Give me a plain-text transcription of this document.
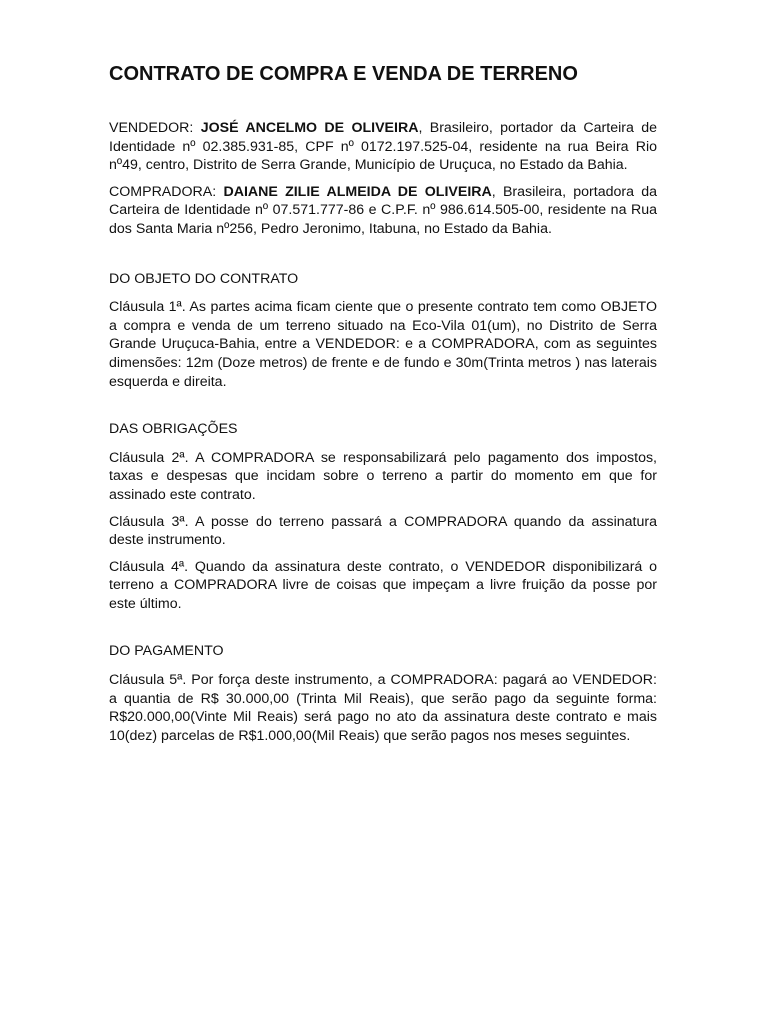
CONTRATO DE COMPRA E VENDA DE TERRENO

VENDEDOR: JOSÉ ANCELMO DE OLIVEIRA, Brasileiro, portador da Carteira de Identidade nº 02.385.931-85, CPF nº 0172.197.525-04, residente na rua Beira Rio nº49, centro, Distrito de Serra Grande, Município de Uruçuca, no Estado da Bahia.

COMPRADORA: DAIANE ZILIE ALMEIDA DE OLIVEIRA, Brasileira, portadora da Carteira de Identidade nº 07.571.777-86 e C.P.F. nº 986.614.505-00, residente na Rua dos Santa Maria nº256, Pedro Jeronimo, Itabuna, no Estado da Bahia.

DO OBJETO DO CONTRATO

Cláusula 1ª. As partes acima ficam ciente que o presente contrato tem como OBJETO a compra e venda de um terreno situado na Eco-Vila 01(um), no Distrito de Serra Grande Uruçuca-Bahia, entre a VENDEDOR: e a COMPRADORA, com as seguintes dimensões: 12m (Doze metros) de frente e de fundo e 30m(Trinta metros ) nas laterais esquerda e direita.

DAS OBRIGAÇÕES

Cláusula 2ª. A COMPRADORA se responsabilizará pelo pagamento dos impostos, taxas e despesas que incidam sobre o terreno a partir do momento em que for assinado este contrato.

Cláusula 3ª. A posse do terreno passará a COMPRADORA quando da assinatura deste instrumento.

Cláusula 4ª. Quando da assinatura deste contrato, o VENDEDOR disponibilizará o terreno a COMPRADORA livre de coisas que impeçam a livre fruição da posse por este último.

DO PAGAMENTO

Cláusula 5ª. Por força deste instrumento, a COMPRADORA: pagará ao VENDEDOR: a quantia de R$ 30.000,00 (Trinta Mil Reais), que serão pago da seguinte forma: R$20.000,00(Vinte Mil Reais) será pago no ato da assinatura deste contrato e mais 10(dez) parcelas de R$1.000,00(Mil Reais) que serão pagos nos meses seguintes.
